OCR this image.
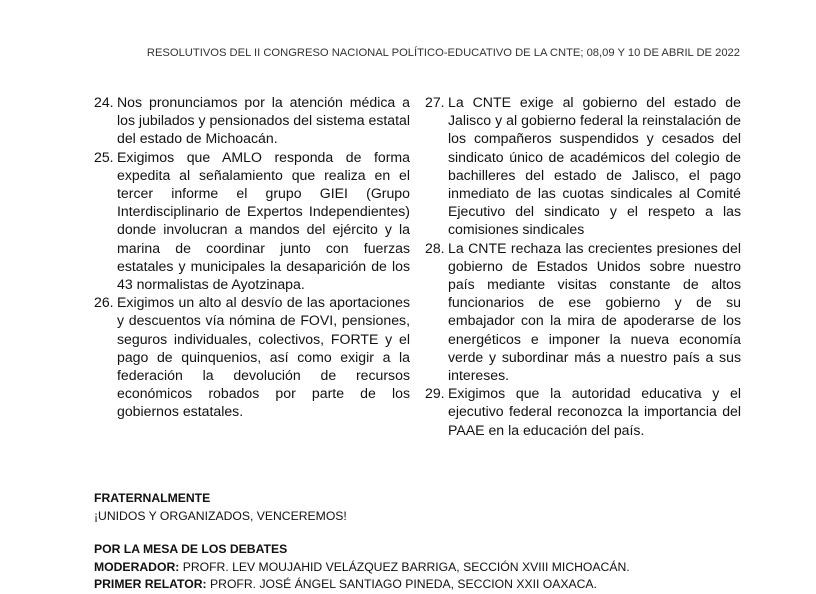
RESOLUTIVOS DEL II CONGRESO NACIONAL POLÍTICO-EDUCATIVO DE LA CNTE; 08,09 Y 10 DE ABRIL DE 2022
24. Nos pronunciamos por la atención médica a los jubilados y pensionados del sistema estatal del estado de Michoacán.
25. Exigimos que AMLO responda de forma expedita al señalamiento que realiza en el tercer informe el grupo GIEI (Grupo Interdisciplinario de Expertos Independientes) donde involucran a mandos del ejército y la marina de coordinar junto con fuerzas estatales y municipales la desaparición de los 43 normalistas de Ayotzinapa.
26. Exigimos un alto al desvío de las aportaciones y descuentos vía nómina de FOVI, pensiones, seguros individuales, colectivos, FORTE y el pago de quinquenios, así como exigir a la federación la devolución de recursos económicos robados por parte de los gobiernos estatales.
27. La CNTE exige al gobierno del estado de Jalisco y al gobierno federal la reinstalación de los compañeros suspendidos y cesados del sindicato único de académicos del colegio de bachilleres del estado de Jalisco, el pago inmediato de las cuotas sindicales al Comité Ejecutivo del sindicato y el respeto a las comisiones sindicales
28. La CNTE rechaza las crecientes presiones del gobierno de Estados Unidos sobre nuestro país mediante visitas constante de altos funcionarios de ese gobierno y de su embajador con la mira de apoderarse de los energéticos e imponer la nueva economía verde y subordinar más a nuestro país a sus intereses.
29. Exigimos que la autoridad educativa y el ejecutivo federal reconozca la importancia del PAAE en la educación del país.
FRATERNALMENTE
¡UNIDOS Y ORGANIZADOS, VENCEREMOS!
POR LA MESA DE LOS DEBATES
MODERADOR: PROFR. LEV MOUJAHID VELÁZQUEZ BARRIGA, SECCIÓN XVIII MICHOACÁN.
PRIMER RELATOR: PROFR. JOSÉ ÁNGEL SANTIAGO PINEDA, SECCION XXII OAXACA.
